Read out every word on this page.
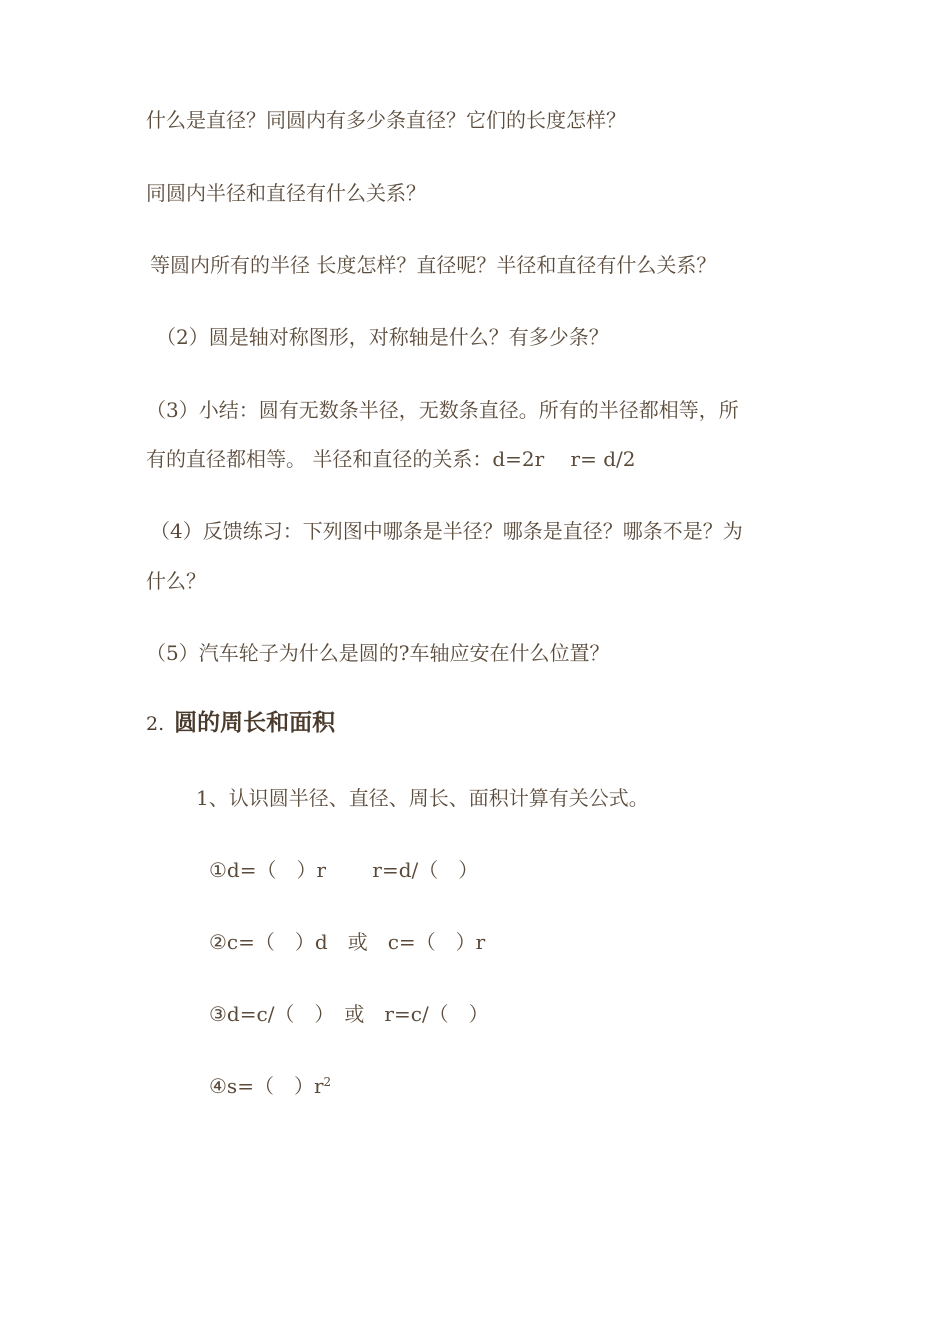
什么是直径？同圆内有多少条直径？它们的长度怎样？
同圆内半径和直径有什么关系？
等圆内所有的半径 长度怎样？直径呢？半径和直径有什么关系？
（2）圆是轴对称图形，对称轴是什么？有多少条？
（3）小结：圆有无数条半径，无数条直径。所有的半径都相等，所
有的直径都相等。 半径和直径的关系：d=2r　 r= d/2
（4）反馈练习：下列图中哪条是半径？哪条是直径？哪条不是？为
什么？
（5）汽车轮子为什么是圆的?车轴应安在什么位置？
2. 圆的周长和面积
1、认识圆半径、直径、周长、面积计算有关公式。
①d=（　）r　　 r=d/（　）
②c=（　）d　或　c=（　）r
③d=c/（　）　或　r=c/（　）
④s=（　）$r^2$
